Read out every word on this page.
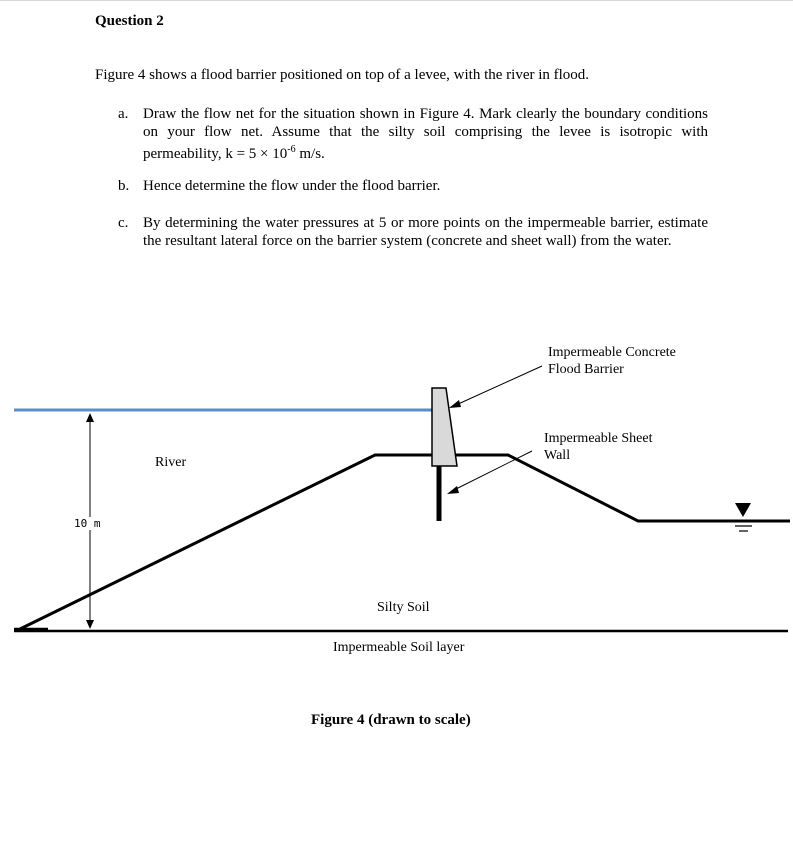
Question 2
Figure 4 shows a flood barrier positioned on top of a levee, with the river in flood.
a. Draw the flow net for the situation shown in Figure 4. Mark clearly the boundary conditions on your flow net. Assume that the silty soil comprising the levee is isotropic with permeability, $k = 5 \times 10^{-6}$ m/s.
b. Hence determine the flow under the flood barrier.
c. By determining the water pressures at 5 or more points on the impermeable barrier, estimate the resultant lateral force on the barrier system (concrete and sheet wall) from the water.
10 m
Impermeable Concrete
Flood Barrier
Impermeable Sheet
Wall
River
Silty Soil
Impermeable Soil layer
Figure 4 (drawn to scale)
